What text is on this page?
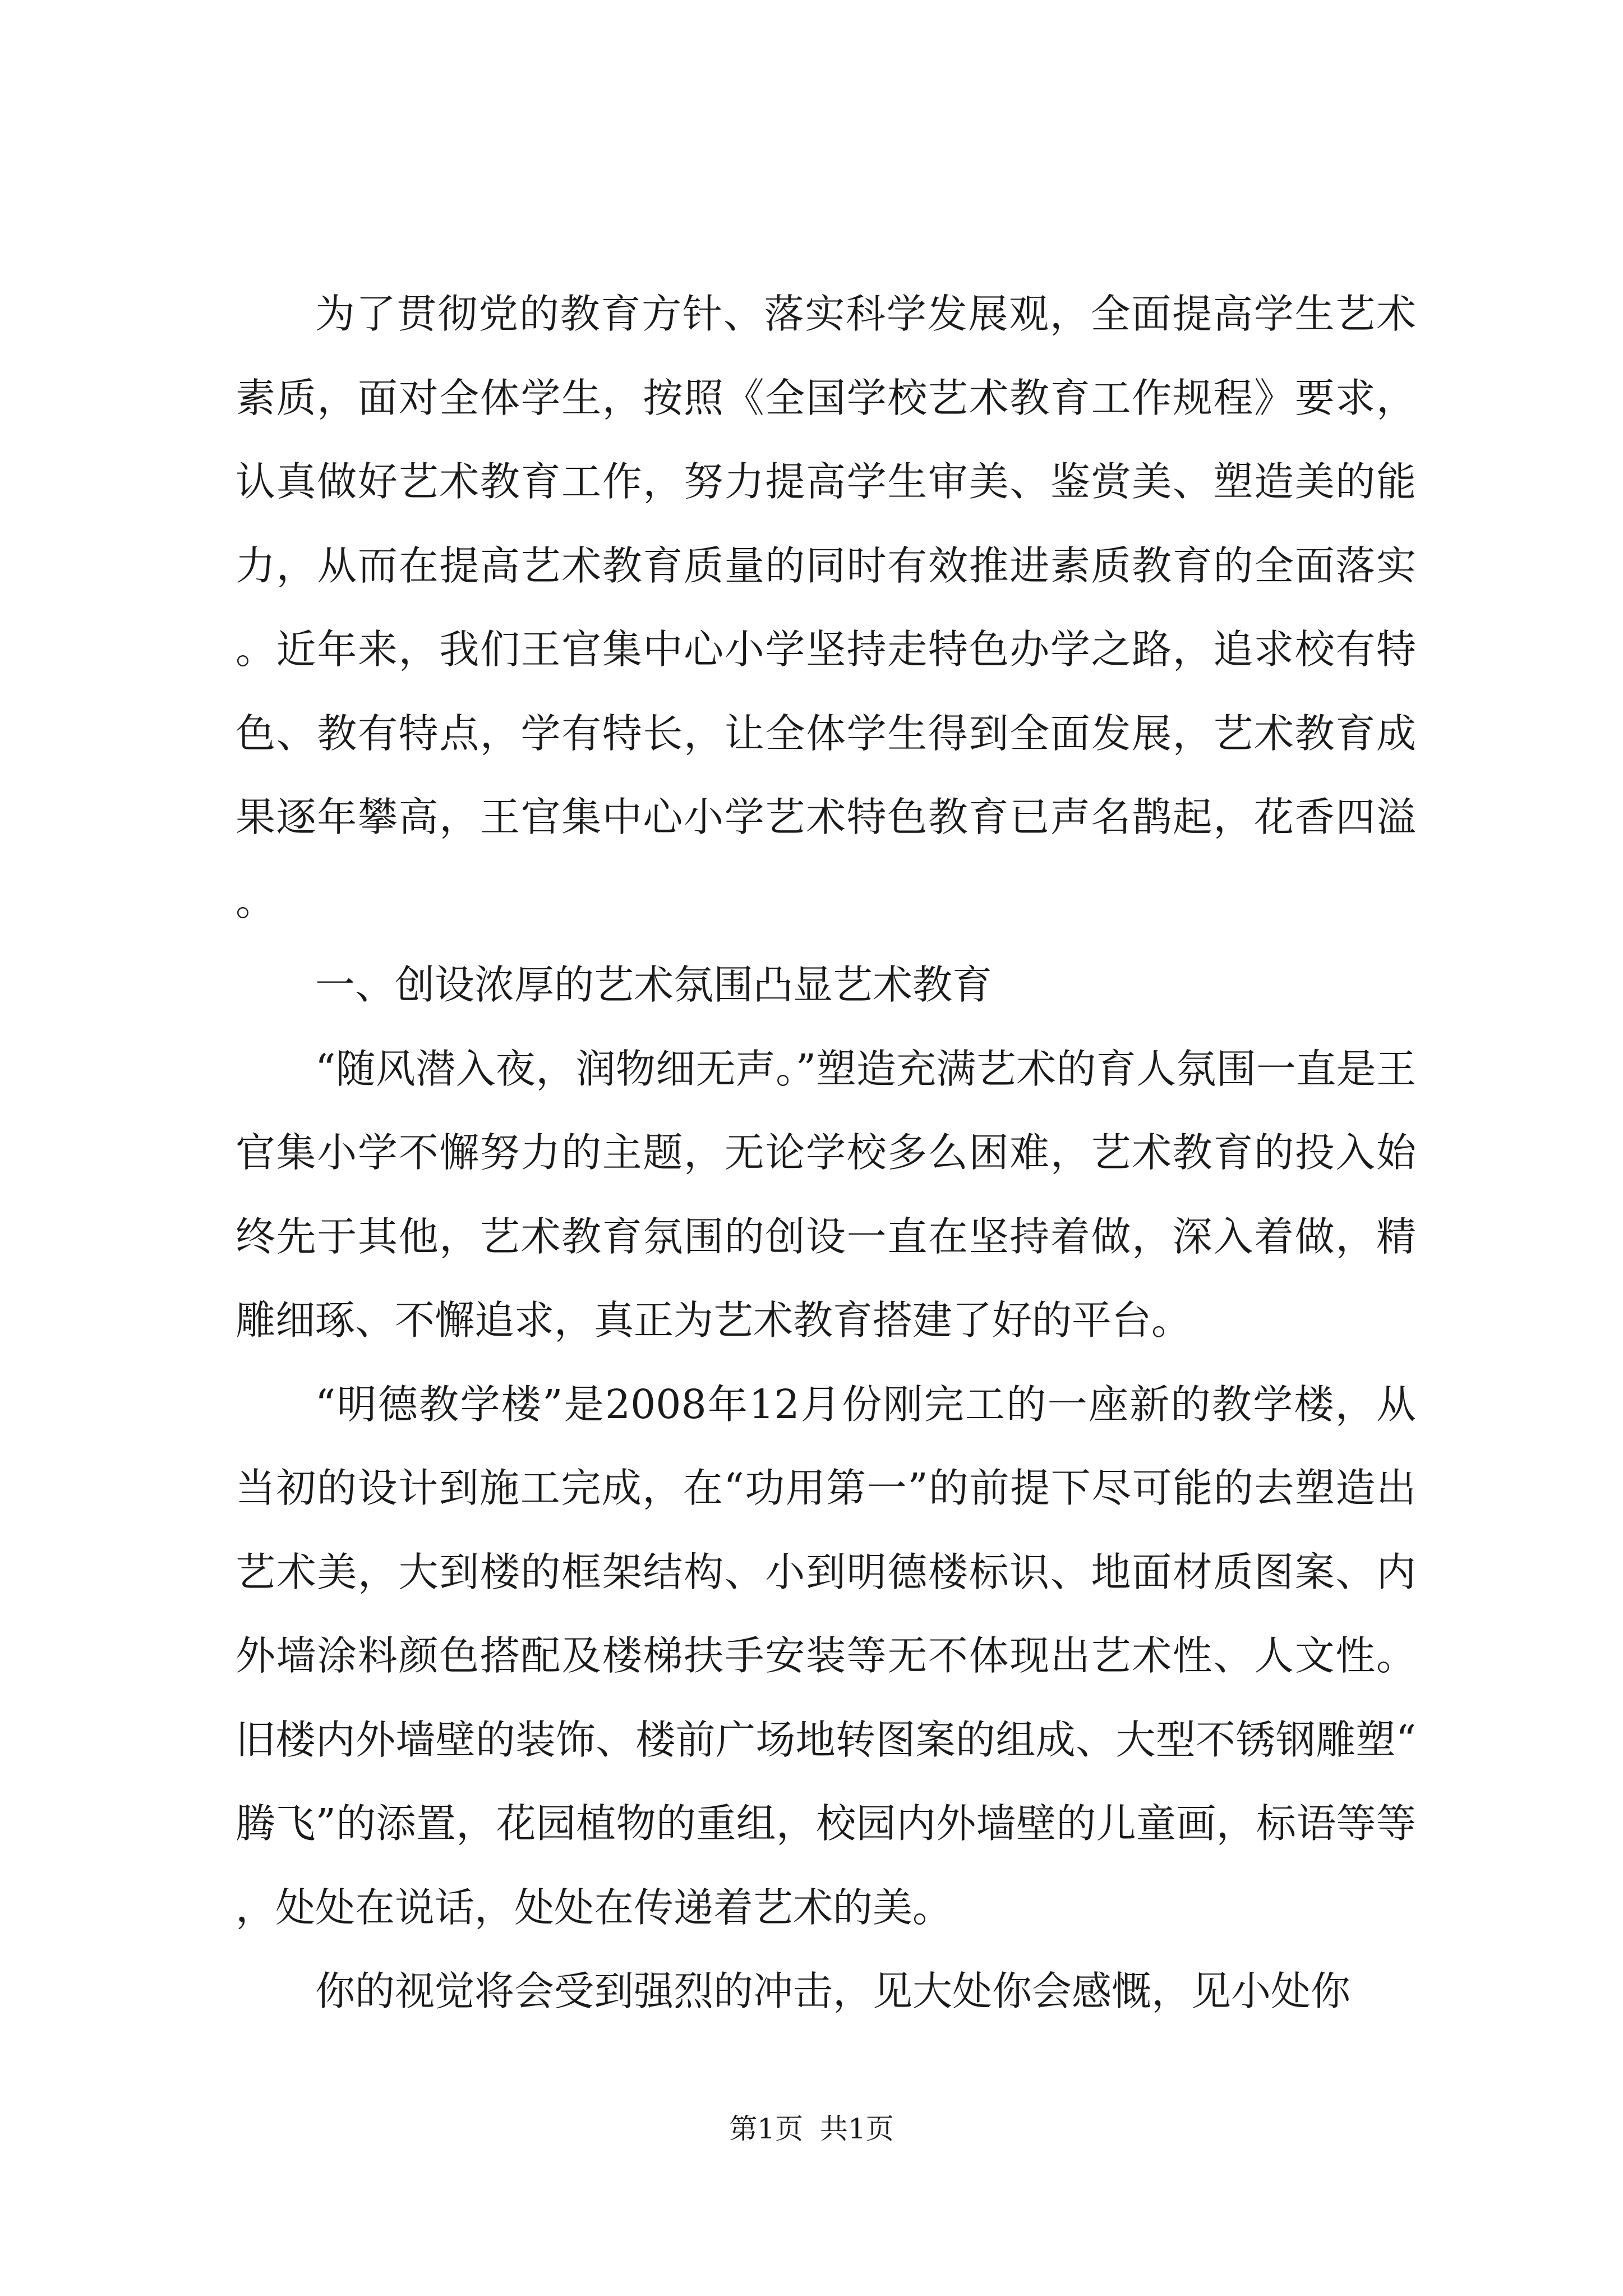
为了贯彻党的教育方针、落实科学发展观，全面提高学生艺术素质，面对全体学生，按照《全国学校艺术教育工作规程》要求，认真做好艺术教育工作，努力提高学生审美、鉴赏美、塑造美的能力，从而在提高艺术教育质量的同时有效推进素质教育的全面落实。近年来，我们王官集中心小学坚持走特色办学之路，追求校有特色、教有特点，学有特长，让全体学生得到全面发展，艺术教育成果逐年攀高，王官集中心小学艺术特色教育已声名鹊起，花香四溢。

一、创设浓厚的艺术氛围凸显艺术教育

“随风潜入夜，润物细无声。”塑造充满艺术的育人氛围一直是王官集小学不懈努力的主题，无论学校多么困难，艺术教育的投入始终先于其他，艺术教育氛围的创设一直在坚持着做，深入着做，精雕细琢、不懈追求，真正为艺术教育搭建了好的平台。

“明德教学楼”是2008年12月份刚完工的一座新的教学楼，从当初的设计到施工完成，在“功用第一”的前提下尽可能的去塑造出艺术美，大到楼的框架结构、小到明德楼标识、地面材质图案、内外墙涂料颜色搭配及楼梯扶手安装等无不体现出艺术性、人文性。旧楼内外墙壁的装饰、楼前广场地转图案的组成、大型不锈钢雕塑“腾飞”的添置，花园植物的重组，校园内外墙壁的儿童画，标语等等，处处在说话，处处在传递着艺术的美。

你的视觉将会受到强烈的冲击，见大处你会感慨，见小处你

第1页 共1页
